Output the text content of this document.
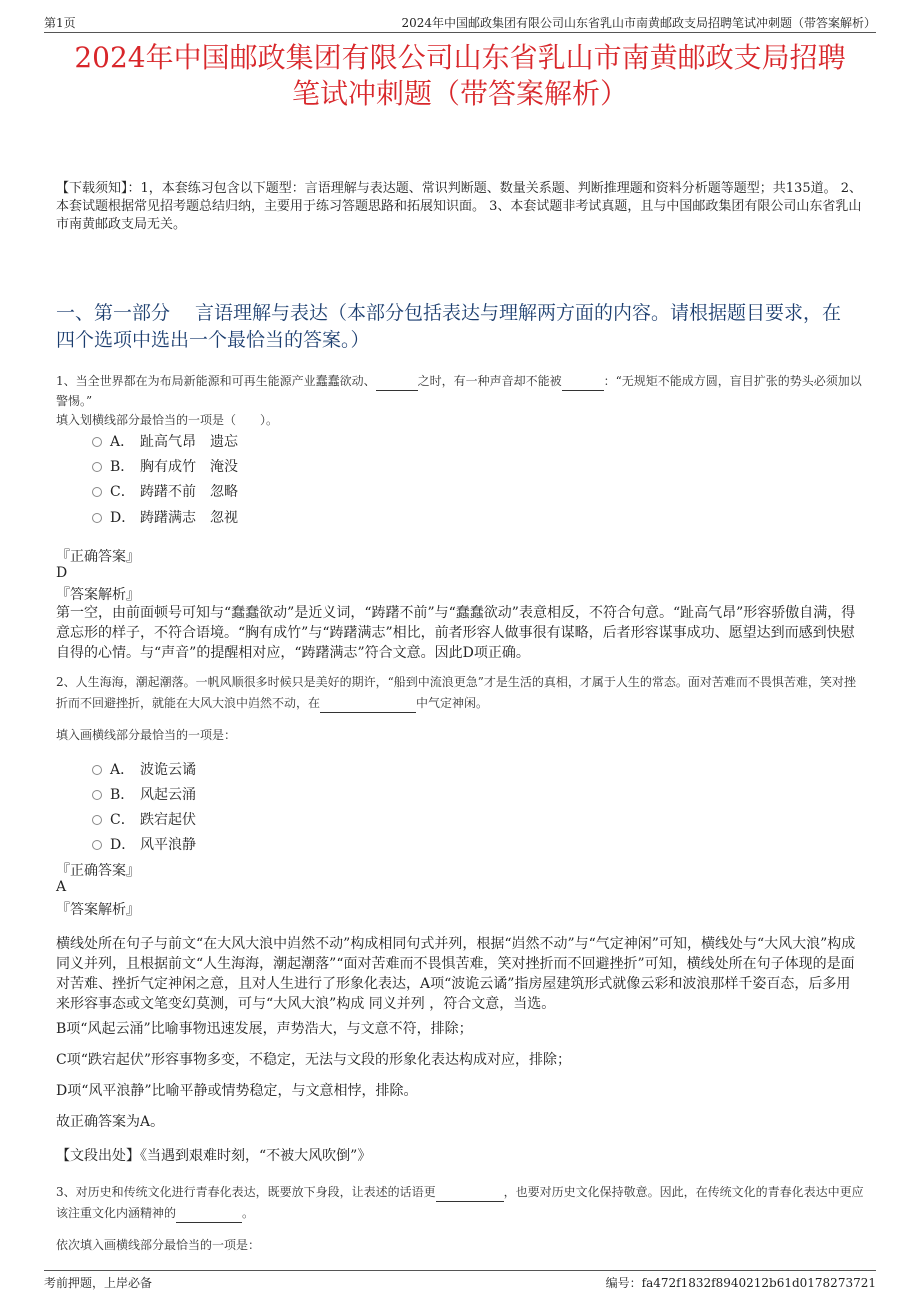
第1页	2024年中国邮政集团有限公司山东省乳山市南黄邮政支局招聘笔试冲刺题（带答案解析）
2024年中国邮政集团有限公司山东省乳山市南黄邮政支局招聘
笔试冲刺题（带答案解析）
【下载须知】：1，本套练习包含以下题型：言语理解与表达题、常识判断题、数量关系题、判断推理题和资料分析题等题型；共135道。 2、本套试题根据常见招考题总结归纳，主要用于练习答题思路和拓展知识面。 3、本套试题非考试真题，且与中国邮政集团有限公司山东省乳山市南黄邮政支局无关。
一、第一部分　 言语理解与表达（本部分包括表达与理解两方面的内容。请根据题目要求，在四个选项中选出一个最恰当的答案。）
1、当全世界都在为布局新能源和可再生能源产业蠢蠢欲动、	之时，有一种声音却不能被	：“无规矩不能成方圆，盲目扩张的势头必须加以警惕。”
填入划横线部分最恰当的一项是（　　）。
A． 趾高气昂　遗忘
B． 胸有成竹　淹没
C． 踌躇不前　忽略
D． 踌躇满志　忽视
『正确答案』
D
『答案解析』
第一空，由前面顿号可知与“蠢蠢欲动”是近义词，“踌躇不前”与“蠢蠢欲动”表意相反，不符合句意。“趾高气昂”形容骄傲自满，得意忘形的样子，不符合语境。“胸有成竹”与“踌躇满志”相比，前者形容人做事很有谋略，后者形容谋事成功、愿望达到而感到快慰自得的心情。与“声音”的提醒相对应，“踌躇满志”符合文意。因此D项正确。
2、人生海海，潮起潮落。一帆风顺很多时候只是美好的期许，“船到中流浪更急”才是生活的真相，才属于人生的常态。面对苦难而不畏惧苦难，笑对挫折而不回避挫折，就能在大风大浪中岿然不动，在	中气定神闲。
填入画横线部分最恰当的一项是：
A． 波诡云谲
B． 风起云涌
C． 跌宕起伏
D． 风平浪静
『正确答案』
A
『答案解析』
横线处所在句子与前文“在大风大浪中岿然不动”构成相同句式并列，根据“岿然不动”与“气定神闲”可知，横线处与“大风大浪”构成同义并列，且根据前文“人生海海，潮起潮落”“面对苦难而不畏惧苦难，笑对挫折而不回避挫折”可知，横线处所在句子体现的是面对苦难、挫折气定神闲之意，且对人生进行了形象化表达，A项“波诡云谲”指房屋建筑形式就像云彩和波浪那样千姿百态，后多用来形容事态或文笔变幻莫测，可与“大风大浪”构成 同义并列 ，符合文意，当选。
B项“风起云涌”比喻事物迅速发展，声势浩大，与文意不符，排除；
C项“跌宕起伏”形容事物多变，不稳定，无法与文段的形象化表达构成对应，排除；
D项“风平浪静”比喻平静或情势稳定，与文意相悖，排除。
故正确答案为A。
【文段出处】《当遇到艰难时刻，“不被大风吹倒”》
3、对历史和传统文化进行青春化表达，既要放下身段，让表述的话语更	，也要对历史文化保持敬意。因此，在传统文化的青春化表达中更应该注重文化内涵精神的	。
依次填入画横线部分最恰当的一项是：
考前押题，上岸必备	编号：fa472f1832f8940212b61d0178273721
